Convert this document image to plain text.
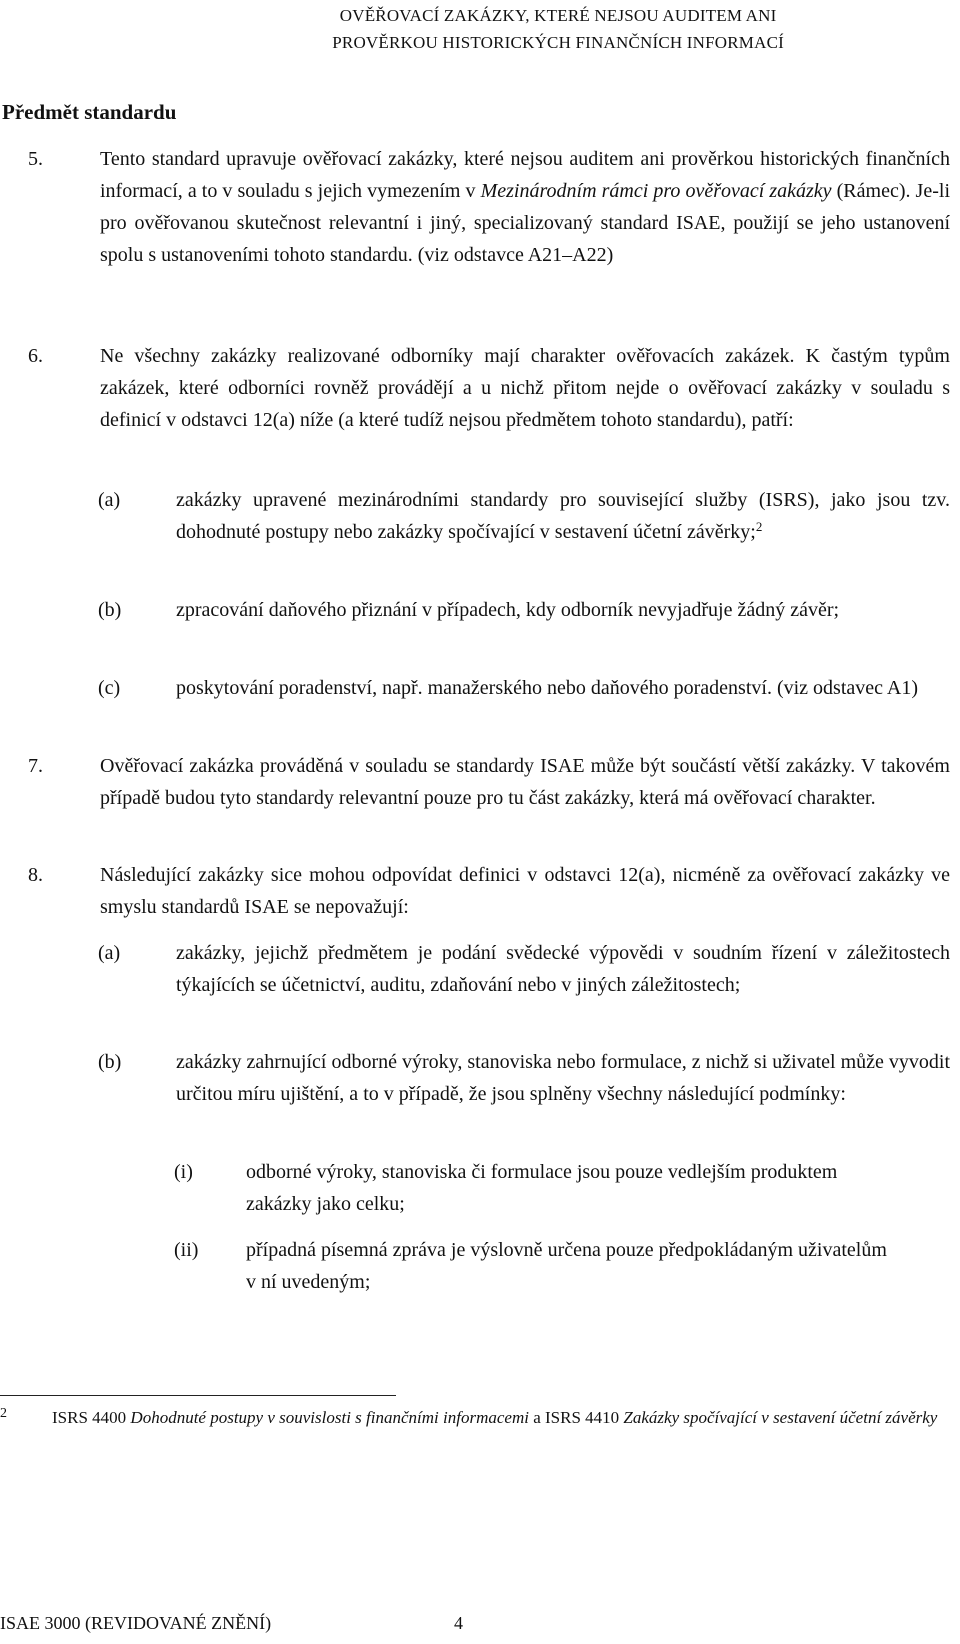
OVĚŘOVACÍ ZAKÁZKY, KTERÉ NEJSOU AUDITEM ANI
PROVĚRKOU HISTORICKÝCH FINANČNÍCH INFORMACÍ
Předmět standardu
5.	Tento standard upravuje ověřovací zakázky, které nejsou auditem ani prověrkou historických finančních informací, a to v souladu s jejich vymezením v Mezinárodním rámci pro ověřovací zakázky (Rámec). Je-li pro ověřovanou skutečnost relevantní i jiný, specializovaný standard ISAE, použijí se jeho ustanovení spolu s ustanoveními tohoto standardu. (viz odstavce A21–A22)
6.	Ne všechny zakázky realizované odborníky mají charakter ověřovacích zakázek. K častým typům zakázek, které odborníci rovněž provádějí a u nichž přitom nejde o ověřovací zakázky v souladu s definicí v odstavci 12(a) níže (a které tudíž nejsou předmětem tohoto standardu), patří:
(a)	zakázky upravené mezinárodními standardy pro související služby (ISRS), jako jsou tzv. dohodnuté postupy nebo zakázky spočívající v sestavení účetní závěrky;$^2$
(b)	zpracování daňového přiznání v případech, kdy odborník nevyjadřuje žádný závěr;
(c)	poskytování poradenství, např. manažerského nebo daňového poradenství. (viz odstavec A1)
7.	Ověřovací zakázka prováděná v souladu se standardy ISAE může být součástí větší zakázky. V takovém případě budou tyto standardy relevantní pouze pro tu část zakázky, která má ověřovací charakter.
8.	Následující zakázky sice mohou odpovídat definici v odstavci 12(a), nicméně za ověřovací zakázky ve smyslu standardů ISAE se nepovažují:
(a)	zakázky, jejichž předmětem je podání svědecké výpovědi v soudním řízení v záležitostech týkajících se účetnictví, auditu, zdaňování nebo v jiných záležitostech;
(b)	zakázky zahrnující odborné výroky, stanoviska nebo formulace, z nichž si uživatel může vyvodit určitou míru ujištění, a to v případě, že jsou splněny všechny následující podmínky:
(i)	odborné výroky, stanoviska či formulace jsou pouze vedlejším produktem zakázky jako celku;
(ii) případná písemná zpráva je výslovně určena pouze předpokládaným uživatelům v ní uvedeným;
2	ISRS 4400 Dohodnuté postupy v souvislosti s finančními informacemi a ISRS 4410 Zakázky spočívající v sestavení účetní závěrky
ISAE 3000 (REVIDOVANÉ ZNĚNÍ)	4
